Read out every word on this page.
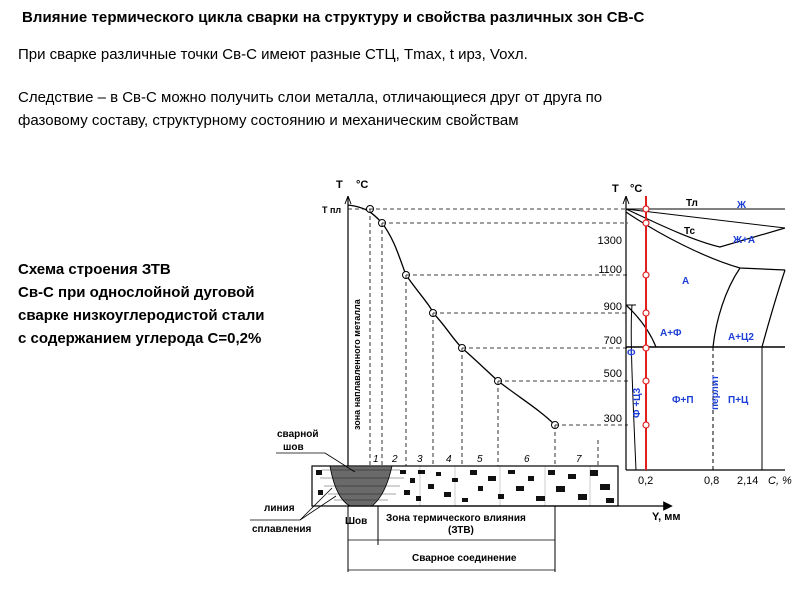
Влияние термического цикла сварки на структуру и свойства различных зон СВ-С
При сварке различные точки Св-С имеют разные СТЦ, Tmax, t ирз, Voхл.
Следствие – в Св-С можно получить слои металла, отличающиеся друг от друга по
фазовому составу, структурному состоянию и механическим свойствам
Схема строения ЗТВ
Св-С при однослойной дуговой
сварке низкоуглеродистой стали
с содержанием углерода С=0,2%
T °С
Т пл
зона наплавленного металла
1 2 3 4	5	6	7
Y, мм
Шов Зона термического влияния
(ЗТВ)
Сварное соединение
сварной
шов
линия
сплавления
T °С
1300
1100
900
700
500
300
Тл
Тс
Ж
Ж+А
А
А+Ф	А+Ц2
Ф
Ф +Ц3	Ф+П перлит П+Ц
0,2	0,8 2,14 С, %
